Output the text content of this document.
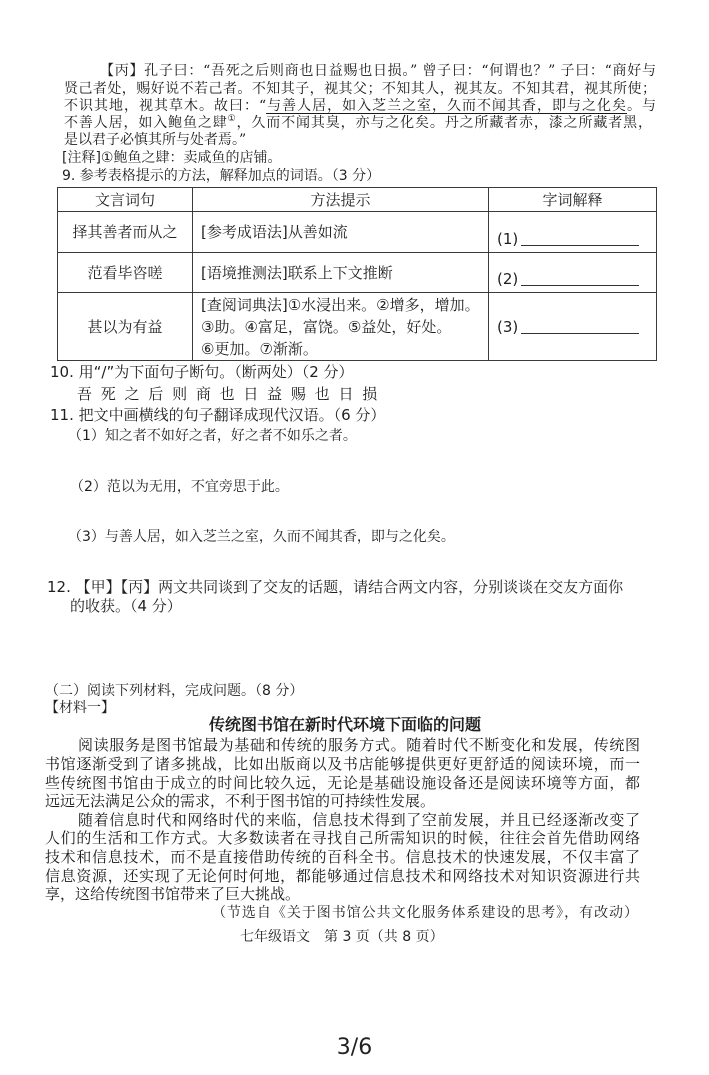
【丙】孔子曰：“吾死之后则商也日益赐也日损。” 曾子曰：“何谓也？” 子曰：“商好与
贤己者处，赐好说不若己者。不知其子，视其父；不知其人，视其友。不知其君，视其所使；
不识其地，视其草木。故曰：“与善人居，如入芝兰之室，久而不闻其香，即与之化矣。与
不善人居，如入鲍鱼之肆①，久而不闻其臭，亦与之化矣。丹之所藏者赤，漆之所藏者黑，
是以君子必慎其所与处者焉。”
[注释]①鲍鱼之肆：卖咸鱼的店铺。
9. 参考表格提示的方法，解释加点的词语。（3 分）
文言词句	方法提示	字词解释
择其善者而从之	[参考成语法]从善如流	(1)
范看毕咨嗟	[语境推测法]联系上下文推断	(2)
甚以为有益	[查阅词典法]①水浸出来。②增多，增加。
③助。④富足，富饶。⑤益处，好处。
⑥更加。⑦渐渐。	(3)
10. 用“/”为下面句子断句。（断两处）（2 分）
吾 死 之 后 则 商 也 日 益 赐 也 日 损
11. 把文中画横线的句子翻译成现代汉语。（6 分）
（1）知之者不如好之者，好之者不如乐之者。
（2）范以为无用，不宜旁思于此。
（3）与善人居，如入芝兰之室，久而不闻其香，即与之化矣。
12. 【甲】【丙】两文共同谈到了交友的话题，请结合两文内容，分别谈谈在交友方面你
的收获。（4 分）
（二）阅读下列材料，完成问题。（8 分）
【材料一】
传统图书馆在新时代环境下面临的问题
阅读服务是图书馆最为基础和传统的服务方式。随着时代不断变化和发展，传统图
书馆逐渐受到了诸多挑战，比如出版商以及书店能够提供更好更舒适的阅读环境，而一
些传统图书馆由于成立的时间比较久远，无论是基础设施设备还是阅读环境等方面，都
远远无法满足公众的需求，不利于图书馆的可持续性发展。
随着信息时代和网络时代的来临，信息技术得到了空前发展，并且已经逐渐改变了
人们的生活和工作方式。大多数读者在寻找自己所需知识的时候，往往会首先借助网络
技术和信息技术，而不是直接借助传统的百科全书。信息技术的快速发展，不仅丰富了
信息资源，还实现了无论何时何地，都能够通过信息技术和网络技术对知识资源进行共
享，这给传统图书馆带来了巨大挑战。
（节选自《关于图书馆公共文化服务体系建设的思考》，有改动）
七年级语文　第 3 页（共 8 页）
3/6
